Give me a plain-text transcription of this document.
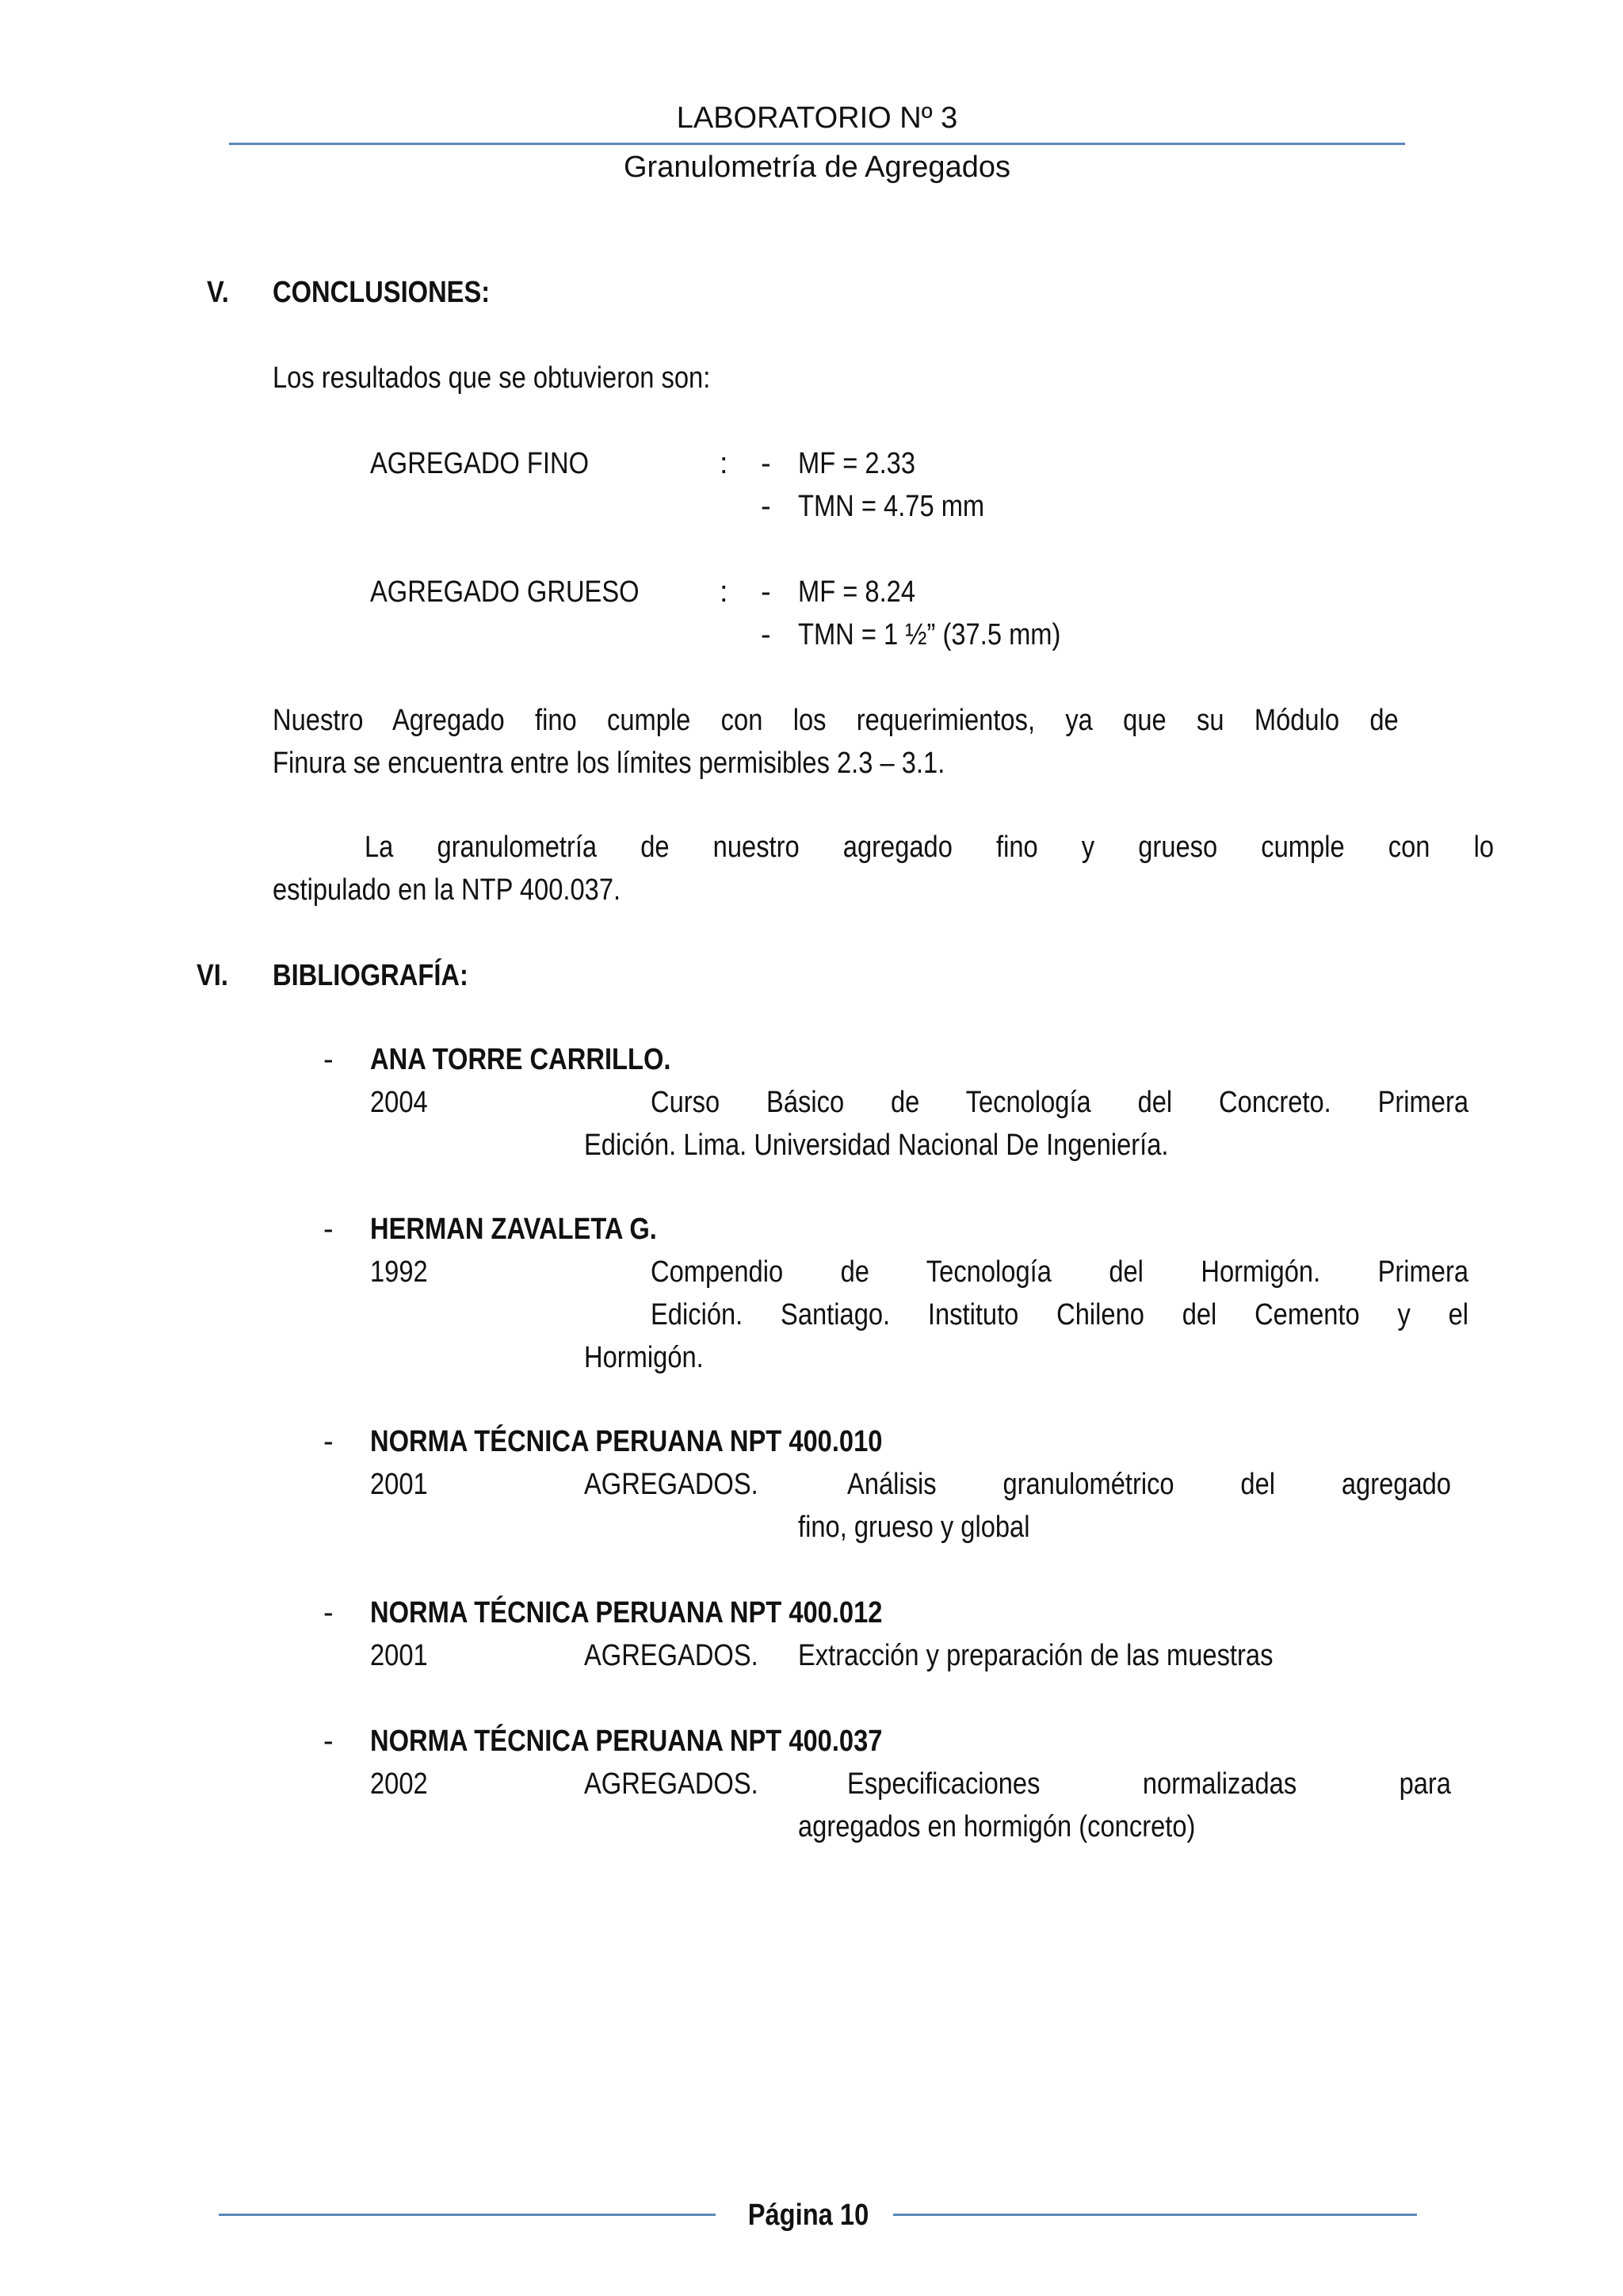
LABORATORIO Nº 3
Granulometría de Agregados
V. CONCLUSIONES:
Los resultados que se obtuvieron son:
AGREGADO FINO	: - MF = 2.33
- TMN = 4.75 mm
AGREGADO GRUESO	: - MF = 8.24
- TMN = 1 ½” (37.5 mm)
Nuestro Agregado fino cumple con los requerimientos, ya que su Módulo de
Finura se encuentra entre los límites permisibles 2.3 – 3.1.
La granulometría de nuestro agregado fino y grueso cumple con lo
estipulado en la NTP 400.037.
VI. BIBLIOGRAFÍA:
- ANA TORRE CARRILLO.
2004	Curso Básico de Tecnología del Concreto. Primera
Edición. Lima. Universidad Nacional De Ingeniería.
- HERMAN ZAVALETA G.
1992	Compendio de Tecnología del Hormigón. Primera
Edición. Santiago. Instituto Chileno del Cemento y el
Hormigón.
- NORMA TÉCNICA PERUANA NPT 400.010
2001	AGREGADOS.	Análisis granulométrico del agregado
fino, grueso y global
- NORMA TÉCNICA PERUANA NPT 400.012
2001	AGREGADOS. Extracción y preparación de las muestras
- NORMA TÉCNICA PERUANA NPT 400.037
2002	AGREGADOS.	Especificaciones normalizadas para
agregados en hormigón (concreto)
Página 10
